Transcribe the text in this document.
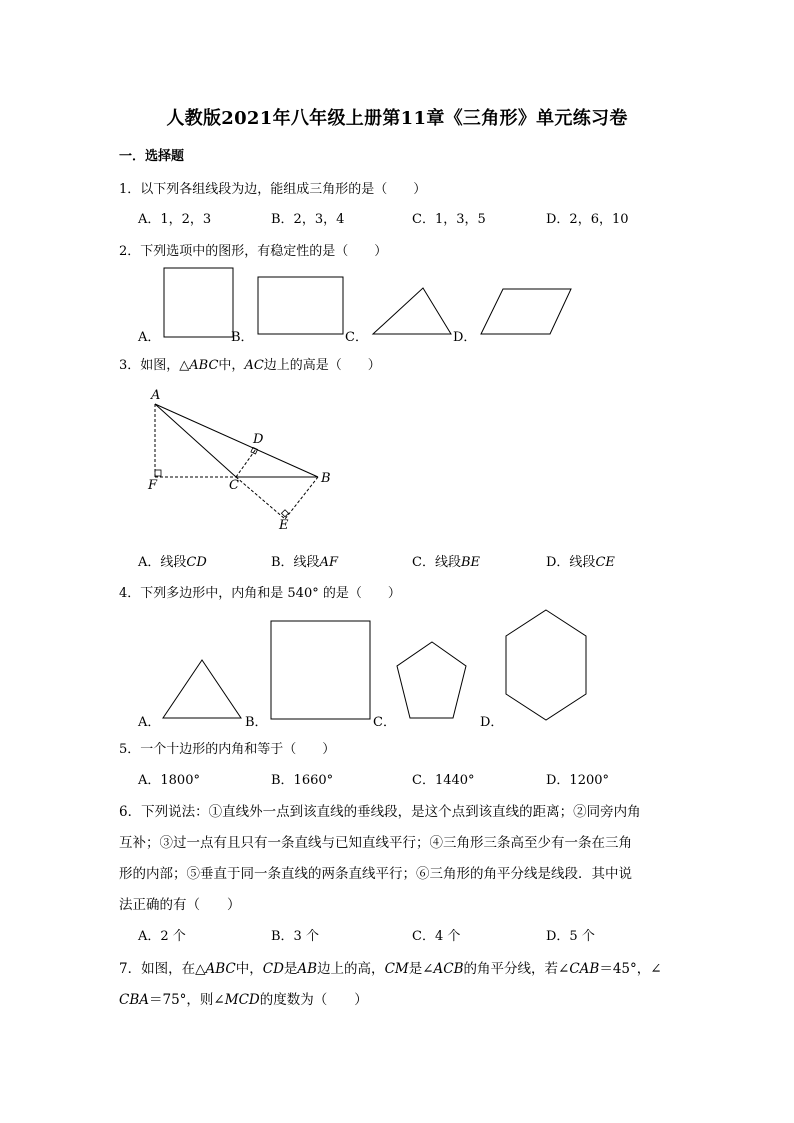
人教版2021年八年级上册第11章《三角形》单元练习卷
一．选择题
1．以下列各组线段为边，能组成三角形的是（　　）
A．1，2，3	B．2，3，4	C．1，3，5	D．2，6，10
2．下列选项中的图形，有稳定性的是（　　）
A．	B．	C．	D．
3．如图，△ABC中，AC边上的高是（　　）
A
D
B
F	C
E
A．线段CD	B．线段AF	C．线段BE	D．线段CE
4．下列多边形中，内角和是 540° 的是（　　）
A．	B．	C．	D．
5．一个十边形的内角和等于（　　）
A．1800°	B．1660°	C．1440°	D．1200°
6．下列说法：①直线外一点到该直线的垂线段，是这个点到该直线的距离；②同旁内角
互补；③过一点有且只有一条直线与已知直线平行；④三角形三条高至少有一条在三角
形的内部；⑤垂直于同一条直线的两条直线平行；⑥三角形的角平分线是线段．其中说
法正确的有（　　）
A．2 个	B．3 个	C．4 个	D．5 个
7．如图，在△ABC中，CD是AB边上的高，CM是∠ACB的角平分线，若∠CAB＝45°，∠
CBA＝75°，则∠MCD的度数为（　　）
